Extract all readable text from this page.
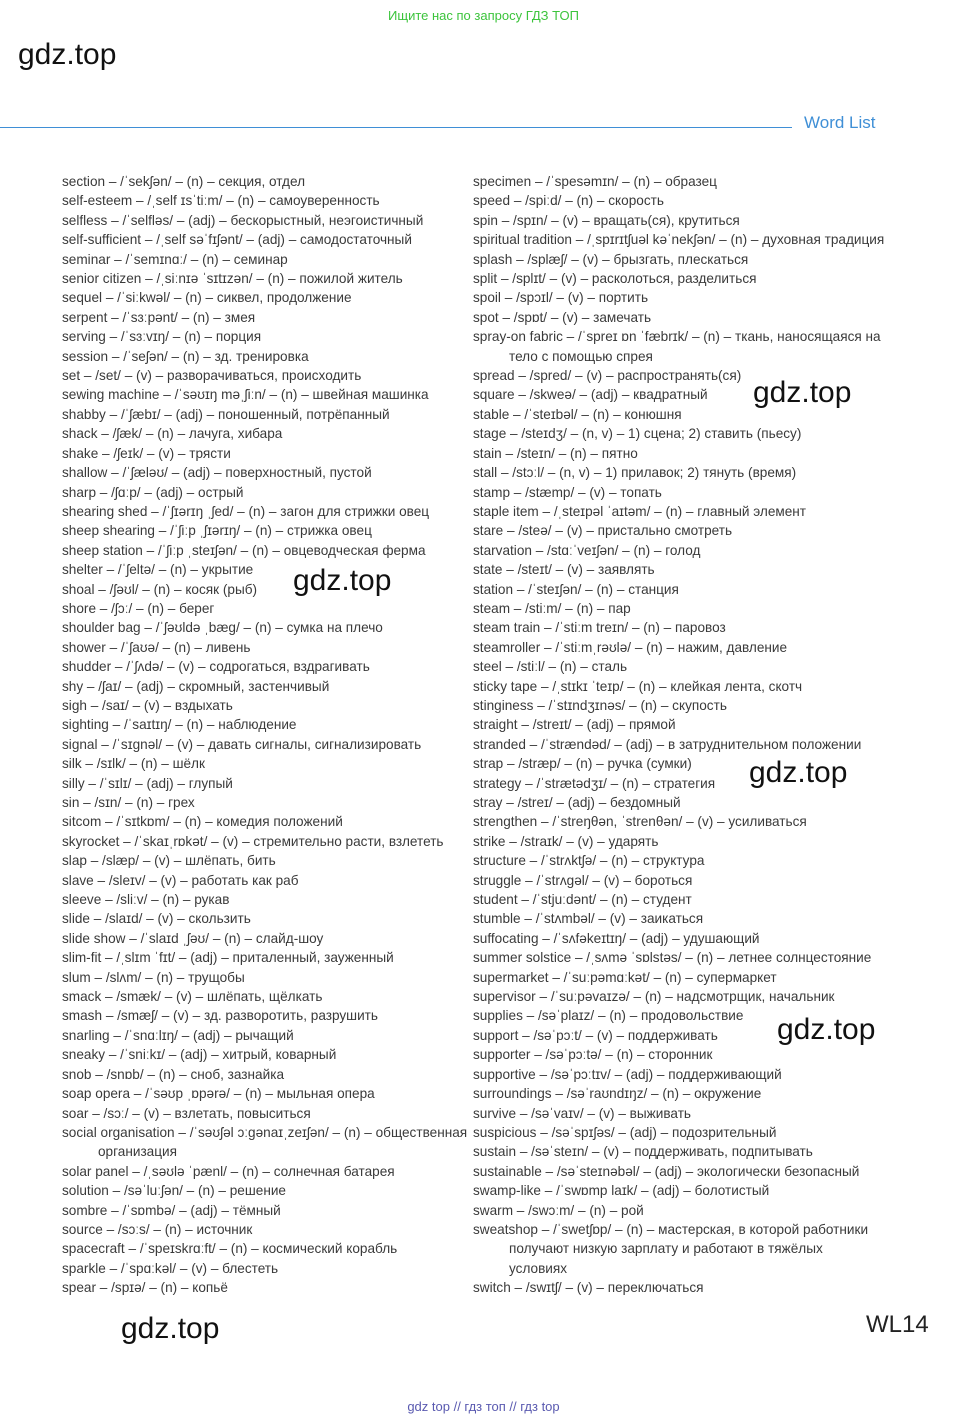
Ищите нас по запросу ГДЗ ТОП
gdz.top
Word List
section – /ˈsekʃən/ – (n) – секция, отдел
self-esteem – /ˌself ɪsˈtiːm/ – (n) – самоуверенность
selfless – /ˈselfləs/ – (adj) – бескорыстный, неэгоистичный
self-sufficient – /ˌself səˈfɪʃənt/ – (adj) – самодостаточный
seminar – /ˈsemɪnɑː/ – (n) – семинар
senior citizen – /ˌsiːnɪə ˈsɪtɪzən/ – (n) – пожилой житель
sequel – /ˈsiːkwəl/ – (n) – сиквел, продолжение
serpent – /ˈsɜːpənt/ – (n) – змея
serving – /ˈsɜːvɪŋ/ – (n) – порция
session – /ˈseʃən/ – (n) – зд. тренировка
set – /set/ – (v) – разворачиваться, происходить
sewing machine – /ˈsəʊɪŋ məˌʃiːn/ – (n) – швейная машинка
shabby – /ˈʃæbɪ/ – (adj) – поношенный, потрёпанный
shack – /ʃæk/ – (n) – лачуга, хибара
shake – /ʃeɪk/ – (v) – трясти
shallow – /ˈʃæləʊ/ – (adj) – поверхностный, пустой
sharp – /ʃɑːp/ – (adj) – острый
shearing shed – /ˈʃɪərɪŋ ˌʃed/ – (n) – загон для стрижки овец
sheep shearing – /ˈʃiːp ˌʃɪərɪŋ/ – (n) – стрижка овец
sheep station – /ˈʃiːp ˌsteɪʃən/ – (n) – овцеводческая ферма
shelter – /ˈʃeltə/ – (n) – укрытие
shoal – /ʃəʊl/ – (n) – косяк (рыб)
shore – /ʃɔː/ – (n) – берег
shoulder bag – /ˈʃəʊldə ˌbæg/ – (n) – сумка на плечо
shower – /ˈʃaʊə/ – (n) – ливень
shudder – /ˈʃʌdə/ – (v) – содрогаться, вздрагивать
shy – /ʃaɪ/ – (adj) – скромный, застенчивый
sigh – /saɪ/ – (v) – вздыхать
sighting – /ˈsaɪtɪŋ/ – (n) – наблюдение
signal – /ˈsɪgnəl/ – (v) – давать сигналы, сигнализировать
silk – /sɪlk/ – (n) – шёлк
silly – /ˈsɪlɪ/ – (adj) – глупый
sin – /sɪn/ – (n) – грех
sitcom – /ˈsɪtkɒm/ – (n) – комедия положений
skyrocket – /ˈskaɪˌrɒkət/ – (v) – стремительно расти, взлететь
slap – /slæp/ – (v) – шлёпать, бить
slave – /sleɪv/ – (v) – работать как раб
sleeve – /sliːv/ – (n) – рукав
slide – /slaɪd/ – (v) – скользить
slide show – /ˈslaɪd ˌʃəʊ/ – (n) – слайд-шоу
slim-fit – /ˌslɪm ˈfɪt/ – (adj) – приталенный, зауженный
slum – /slʌm/ – (n) – трущобы
smack – /smæk/ – (v) – шлёпать, щёлкать
smash – /smæʃ/ – (v) – зд. разворотить, разрушить
snarling – /ˈsnɑːlɪŋ/ – (adj) – рычащий
sneaky – /ˈsniːkɪ/ – (adj) – хитрый, коварный
snob – /snɒb/ – (n) – сноб, зазнайка
soap opera – /ˈsəʊp ˌɒpərə/ – (n) – мыльная опера
soar – /sɔː/ – (v) – взлетать, повыситься
social organisation – /ˈsəʊʃəl ɔːgənaɪˌzeɪʃən/ – (n) – общественная
организация
solar panel – /ˌsəʊlə ˈpænl/ – (n) – солнечная батарея
solution – /səˈluːʃən/ – (n) – решение
sombre – /ˈsɒmbə/ – (adj) – тёмный
source – /sɔːs/ – (n) – источник
spacecraft – /ˈspeɪskrɑːft/ – (n) – космический корабль
sparkle – /ˈspɑːkəl/ – (v) – блестеть
spear – /spɪə/ – (n) – копьё
specimen – /ˈspesəmɪn/ – (n) – образец
speed – /spiːd/ – (n) – скорость
spin – /spɪn/ – (v) – вращать(ся), крутиться
spiritual tradition – /ˌspɪrɪtʃuəl kəˈnekʃən/ – (n) – духовная традиция
splash – /splæʃ/ – (v) – брызгать, плескаться
split – /splɪt/ – (v) – расколоться, разделиться
spoil – /spɔɪl/ – (v) – портить
spot – /spɒt/ – (v) – замечать
spray-on fabric – /ˈspreɪ ɒn ˈfæbrɪk/ – (n) – ткань, наносящаяся на
тело с помощью спрея
spread – /spred/ – (v) – распространять(ся)
square – /skweə/ – (adj) – квадратный
stable – /ˈsteɪbəl/ – (n) – конюшня
stage – /steɪdʒ/ – (n, v) – 1) сцена; 2) ставить (пьесу)
stain – /steɪn/ – (n) – пятно
stall – /stɔːl/ – (n, v) – 1) прилавок; 2) тянуть (время)
stamp – /stæmp/ – (v) – топать
staple item – /ˌsteɪpəl ˈaɪtəm/ – (n) – главный элемент
stare – /steə/ – (v) – пристально смотреть
starvation – /stɑːˈveɪʃən/ – (n) – голод
state – /steɪt/ – (v) – заявлять
station – /ˈsteɪʃən/ – (n) – станция
steam – /stiːm/ – (n) – пар
steam train – /ˈstiːm treɪn/ – (n) – паровоз
steamroller – /ˈstiːmˌrəʊlə/ – (n) – нажим, давление
steel – /stiːl/ – (n) – сталь
sticky tape – /ˌstɪkɪ ˈteɪp/ – (n) – клейкая лента, скотч
stinginess – /ˈstɪndʒɪnəs/ – (n) – скупость
straight – /streɪt/ – (adj) – прямой
stranded – /ˈstrændəd/ – (adj) – в затруднительном положении
strap – /stræp/ – (n) – ручка (сумки)
strategy – /ˈstrætədʒɪ/ – (n) – стратегия
stray – /streɪ/ – (adj) – бездомный
strengthen – /ˈstreŋθən, ˈstrenθən/ – (v) – усиливаться
strike – /straɪk/ – (v) – ударять
structure – /ˈstrʌktʃə/ – (n) – структура
struggle – /ˈstrʌgəl/ – (v) – бороться
student – /ˈstjuːdənt/ – (n) – студент
stumble – /ˈstʌmbəl/ – (v) – заикаться
suffocating – /ˈsʌfəkeɪtɪŋ/ – (adj) – удушающий
summer solstice – /ˌsʌmə ˈsɒlstəs/ – (n) – летнее солнцестояние
supermarket – /ˈsuːpəmɑːkət/ – (n) – супермаркет
supervisor – /ˈsuːpəvaɪzə/ – (n) – надсмотрщик, начальник
supplies – /səˈplaɪz/ – (n) – продовольствие
support – /səˈpɔːt/ – (v) – поддерживать
supporter – /səˈpɔːtə/ – (n) – сторонник
supportive – /səˈpɔːtɪv/ – (adj) – поддерживающий
surroundings – /səˈraʊndɪŋz/ – (n) – окружение
survive – /səˈvaɪv/ – (v) – выживать
suspicious – /səˈspɪʃəs/ – (adj) – подозрительный
sustain – /səˈsteɪn/ – (v) – поддерживать, подпитывать
sustainable – /səˈsteɪnəbəl/ – (adj) – экологически безопасный
swamp-like – /ˈswɒmp laɪk/ – (adj) – болотистый
swarm – /swɔːm/ – (n) – рой
sweatshop – /ˈswetʃɒp/ – (n) – мастерская, в которой работники
получают низкую зарплату и работают в тяжёлых
условиях
switch – /swɪtʃ/ – (v) – переключаться
gdz.top
gdz.top
gdz.top
gdz.top
gdz.top	WL14
gdz top // гдз топ // гдз top
